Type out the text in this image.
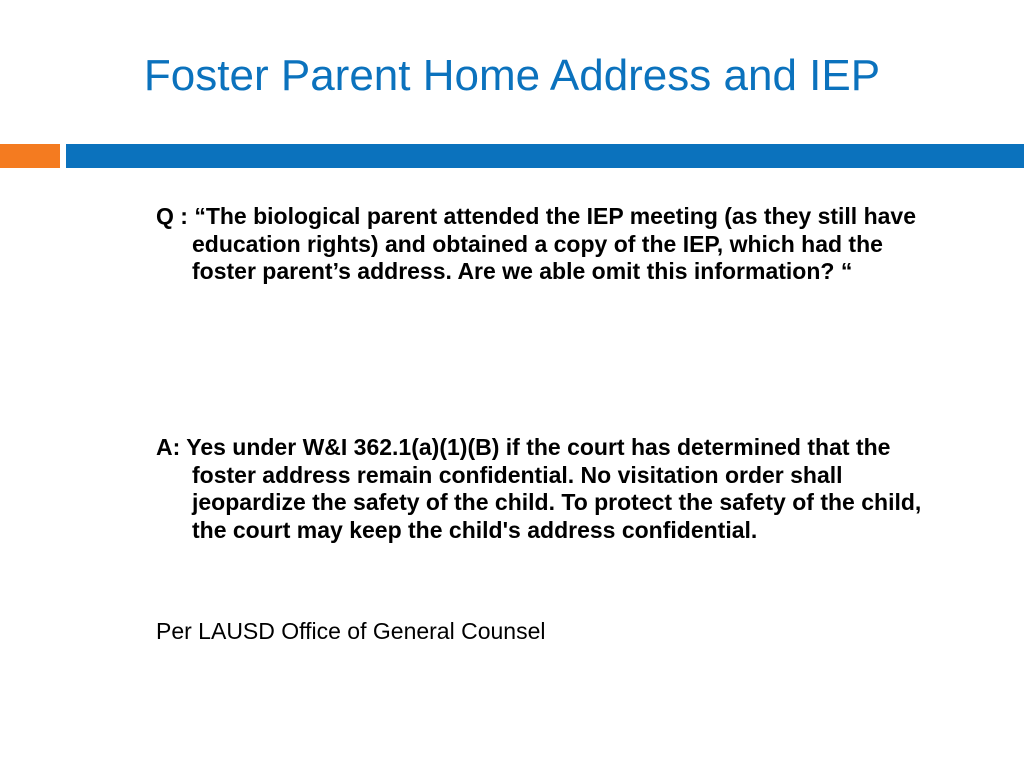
Foster Parent Home Address and IEP
Q : “The biological parent attended the IEP meeting (as they still have education rights) and obtained a copy of the IEP, which had the foster parent’s address. Are we able omit this information? “
A: Yes under W&I 362.1(a)(1)(B) if the court has determined that the foster address remain confidential. No visitation order shall jeopardize the safety of the child. To protect the safety of the child, the court may keep the child's address confidential.
Per LAUSD Office of General Counsel
